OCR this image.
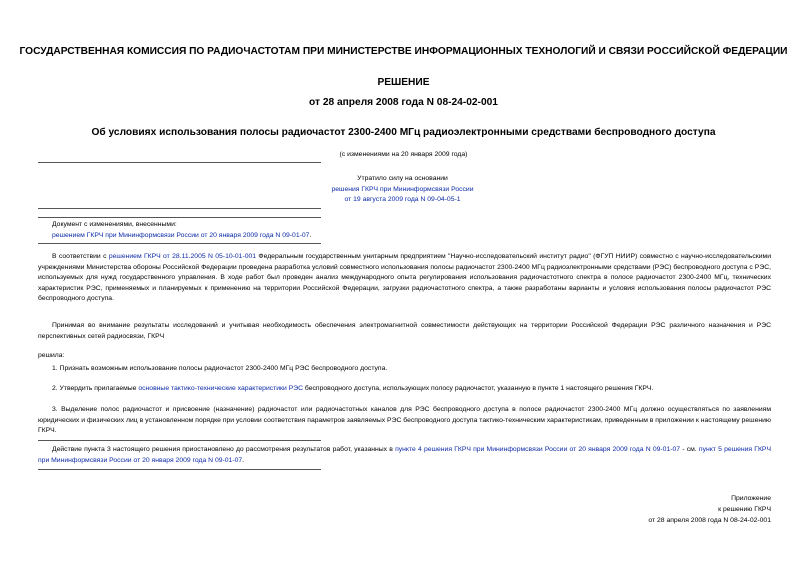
ГОСУДАРСТВЕННАЯ КОМИССИЯ ПО РАДИОЧАСТОТАМ ПРИ МИНИСТЕРСТВЕ ИНФОРМАЦИОННЫХ ТЕХНОЛОГИЙ И СВЯЗИ РОССИЙСКОЙ ФЕДЕРАЦИИ
РЕШЕНИЕ
от 28 апреля 2008 года N 08-24-02-001
Об условиях использования полосы радиочастот 2300-2400 МГц радиоэлектронными средствами беспроводного доступа
(с изменениями на 20 января 2009 года)
Утратило силу на основании
решения ГКРЧ при Мининформсвязи России
от 19 августа 2009 года N 09-04-05-1
Документ с изменениями, внесенными:
решением ГКРЧ при Мининформсвязи России от 20 января 2009 года N 09-01-07.
В соответствии с решением ГКРЧ от 28.11.2005 N 05-10-01-001 Федеральным государственным унитарным предприятием "Научно-исследовательский институт радио" (ФГУП НИИР) совместно с научно-исследовательскими учреждениями Министерства обороны Российской Федерации проведена разработка условий совместного использования полосы радиочастот 2300-2400 МГц радиоэлектронными средствами (РЭС) беспроводного доступа с РЭС, используемых для нужд государственного управления. В ходе работ был проведен анализ международного опыта регулирования использования радиочастотного спектра в полосе радиочастот 2300-2400 МГц, технических характеристик РЭС, применяемых и планируемых к применению на территории Российской Федерации, загрузки радиочастотного спектра, а также разработаны варианты и условия использования полосы радиочастот РЭС беспроводного доступа.
Принимая во внимание результаты исследований и учитывая необходимость обеспечения электромагнитной совместимости действующих на территории Российской Федерации РЭС различного назначения и РЭС перспективных сетей радиосвязи, ГКРЧ
решила:
1. Признать возможным использование полосы радиочастот 2300-2400 МГц РЭС беспроводного доступа.
2. Утвердить прилагаемые основные тактико-технические характеристики РЭС беспроводного доступа, использующих полосу радиочастот, указанную в пункте 1 настоящего решения ГКРЧ.
3. Выделение полос радиочастот и присвоение (назначение) радиочастот или радиочастотных каналов для РЭС беспроводного доступа в полосе радиочастот 2300-2400 МГц должно осуществляться по заявлениям юридических и физических лиц в установленном порядке при условии соответствия параметров заявляемых РЭС беспроводного доступа тактико-техническим характеристикам, приведенным в приложении к настоящему решению ГКРЧ.
Действие пункта 3 настоящего решения приостановлено до рассмотрения результатов работ, указанных в пункте 4 решения ГКРЧ при Мининформсвязи России от 20 января 2009 года N 09-01-07 - см. пункт 5 решения ГКРЧ при Мининформсвязи России от 20 января 2009 года N 09-01-07.
Приложение
к решению ГКРЧ
от 28 апреля 2008 года N 08-24-02-001
